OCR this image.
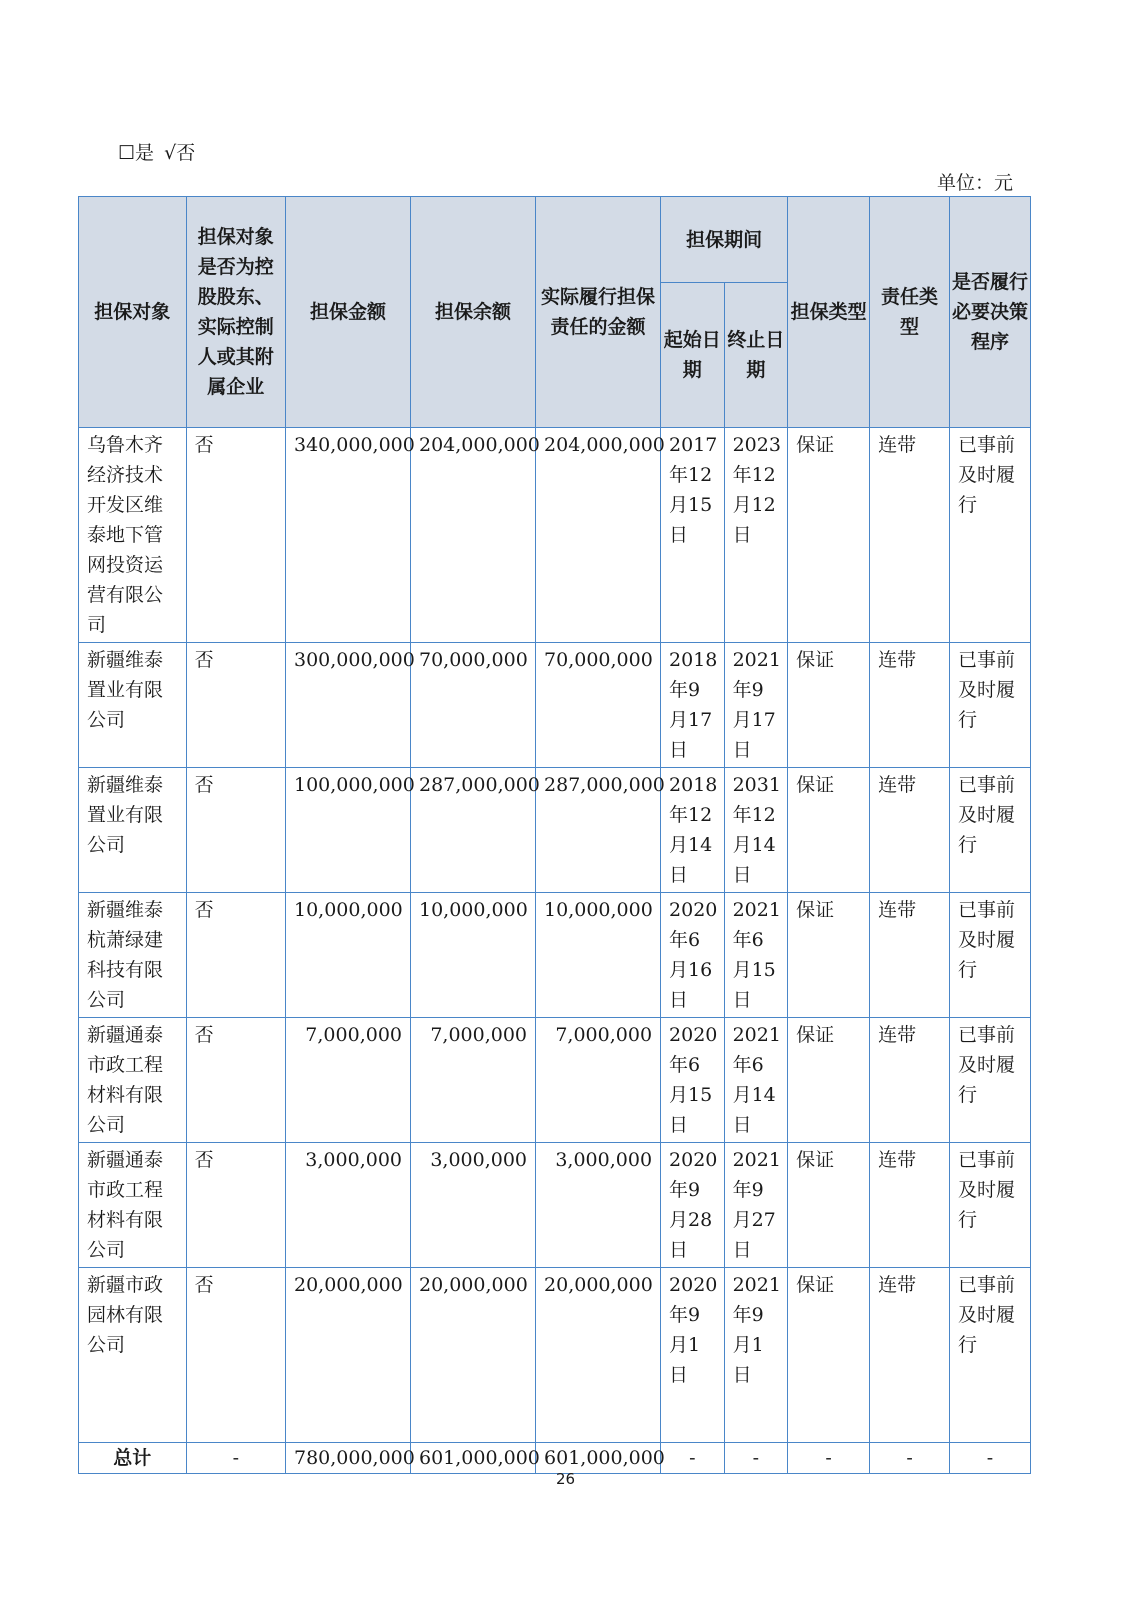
☐是 √否
单位：元
担保对象	担保对象是否为控股股东、实际控制人或其附属企业	担保金额	担保余额	实际履行担保责任的金额	担保期间		担保类型	责任类型	是否履行必要决策程序
					起始日期	终止日期			
乌鲁木齐经济技术开发区维泰地下管网投资运营有限公司	否	340,000,000	204,000,000	204,000,000	2017年12月15日	2023年12月12日	保证	连带	已事前及时履行
新疆维泰置业有限公司	否	300,000,000	70,000,000	70,000,000	2018年9月17日	2021年9月17日	保证	连带	已事前及时履行
新疆维泰置业有限公司	否	100,000,000	287,000,000	287,000,000	2018年12月14日	2031年12月14日	保证	连带	已事前及时履行
新疆维泰杭萧绿建科技有限公司	否	10,000,000	10,000,000	10,000,000	2020年6月16日	2021年6月15日	保证	连带	已事前及时履行
新疆通泰市政工程材料有限公司	否	7,000,000	7,000,000	7,000,000	2020年6月15日	2021年6月14日	保证	连带	已事前及时履行
新疆通泰市政工程材料有限公司	否	3,000,000	3,000,000	3,000,000	2020年9月28日	2021年9月27日	保证	连带	已事前及时履行
新疆市政园林有限公司	否	20,000,000	20,000,000	20,000,000	2020年9月1日	2021年9月1日	保证	连带	已事前及时履行
总计	-	780,000,000	601,000,000	601,000,000	-	-	-	-	-
26
